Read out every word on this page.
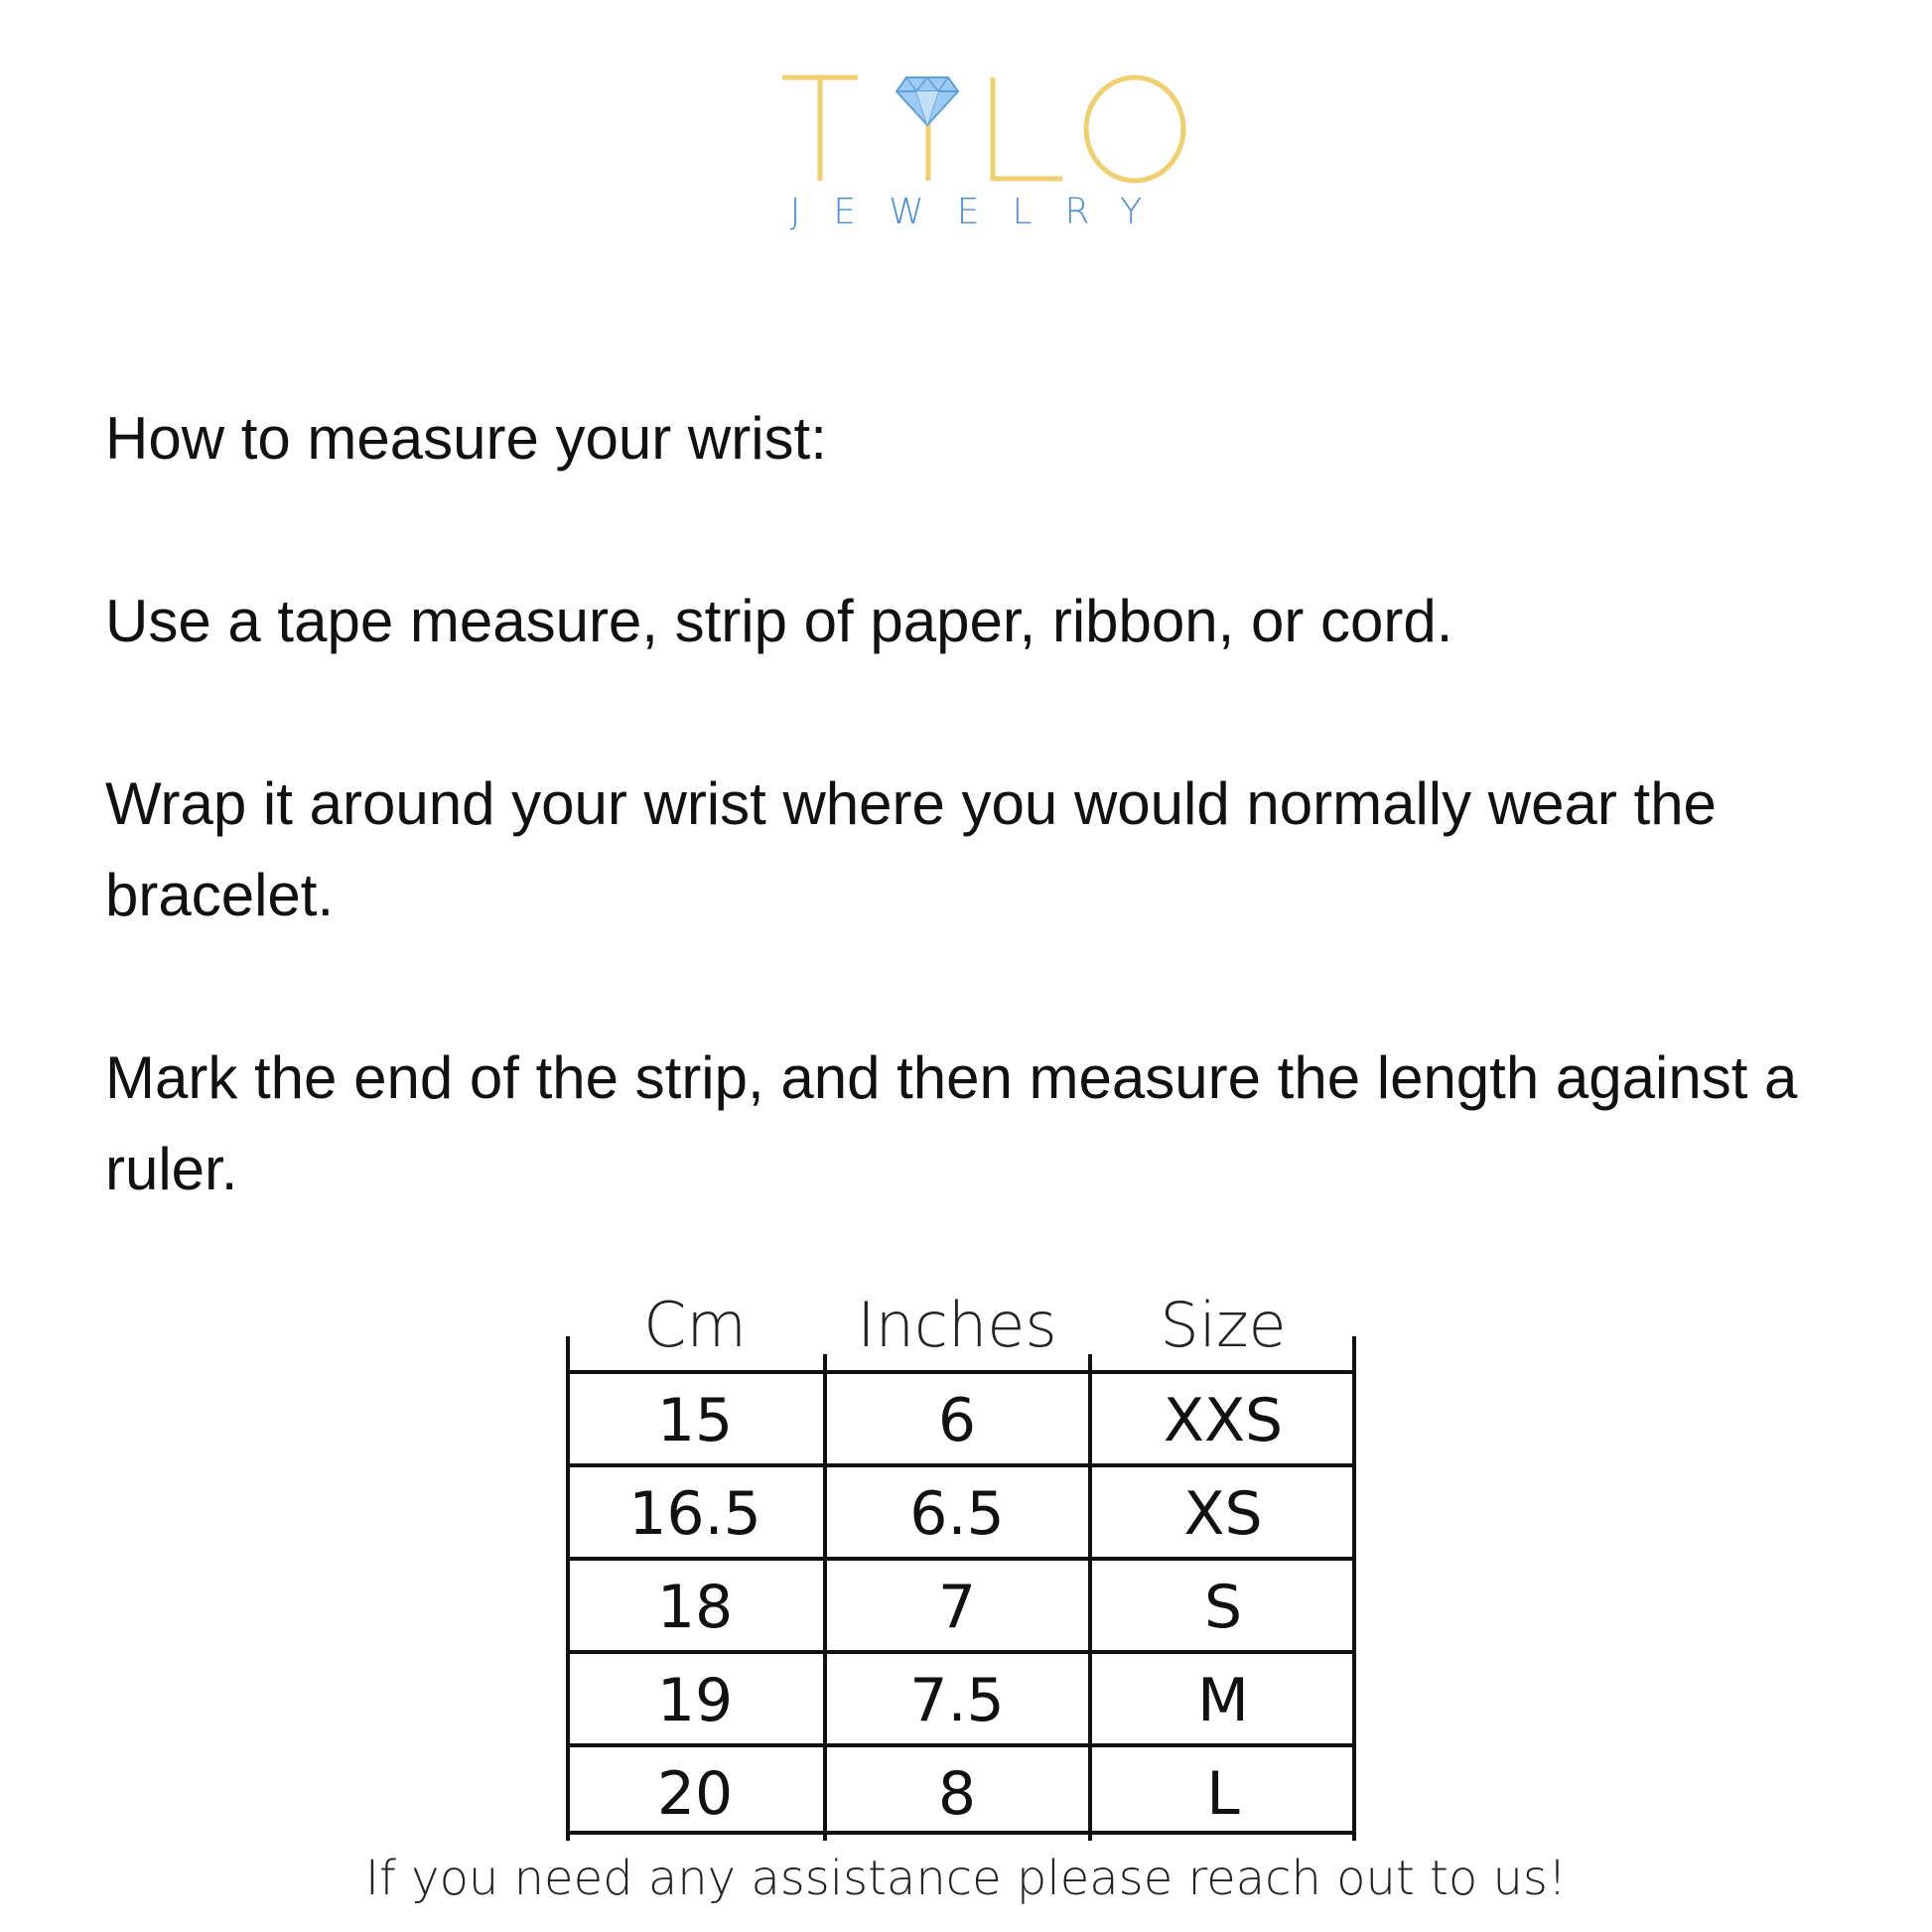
JEWELRY

How to measure your wrist:

Use a tape measure, strip of paper, ribbon, or cord.

Wrap it around your wrist where you would normally wear the bracelet.

Mark the end of the strip, and then measure the length against a ruler.

Cm	Inches	Size
15	6	XXS
16.5	6.5	XS
18	7	S
19	7.5	M
20	8	L
If you need any assistance please reach out to us!
